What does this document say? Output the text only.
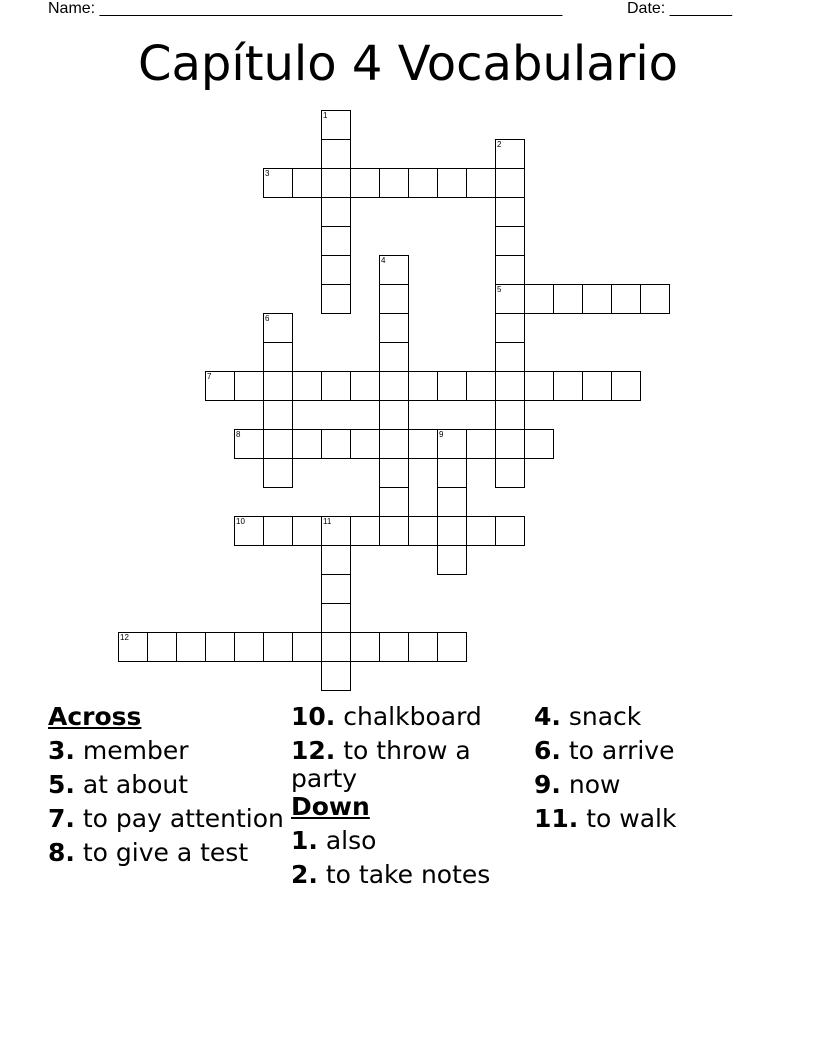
Name: ____________________________________________________	Date: _______
Capítulo 4 Vocabulario
1
2
5
3
4
6
7
8	9
10	11
12
Across
3. member
5. at about
7. to pay attention
8. to give a test
10. chalkboard
12. to throw a party
Down
1. also
2. to take notes
4. snack
6. to arrive
9. now
11. to walk
